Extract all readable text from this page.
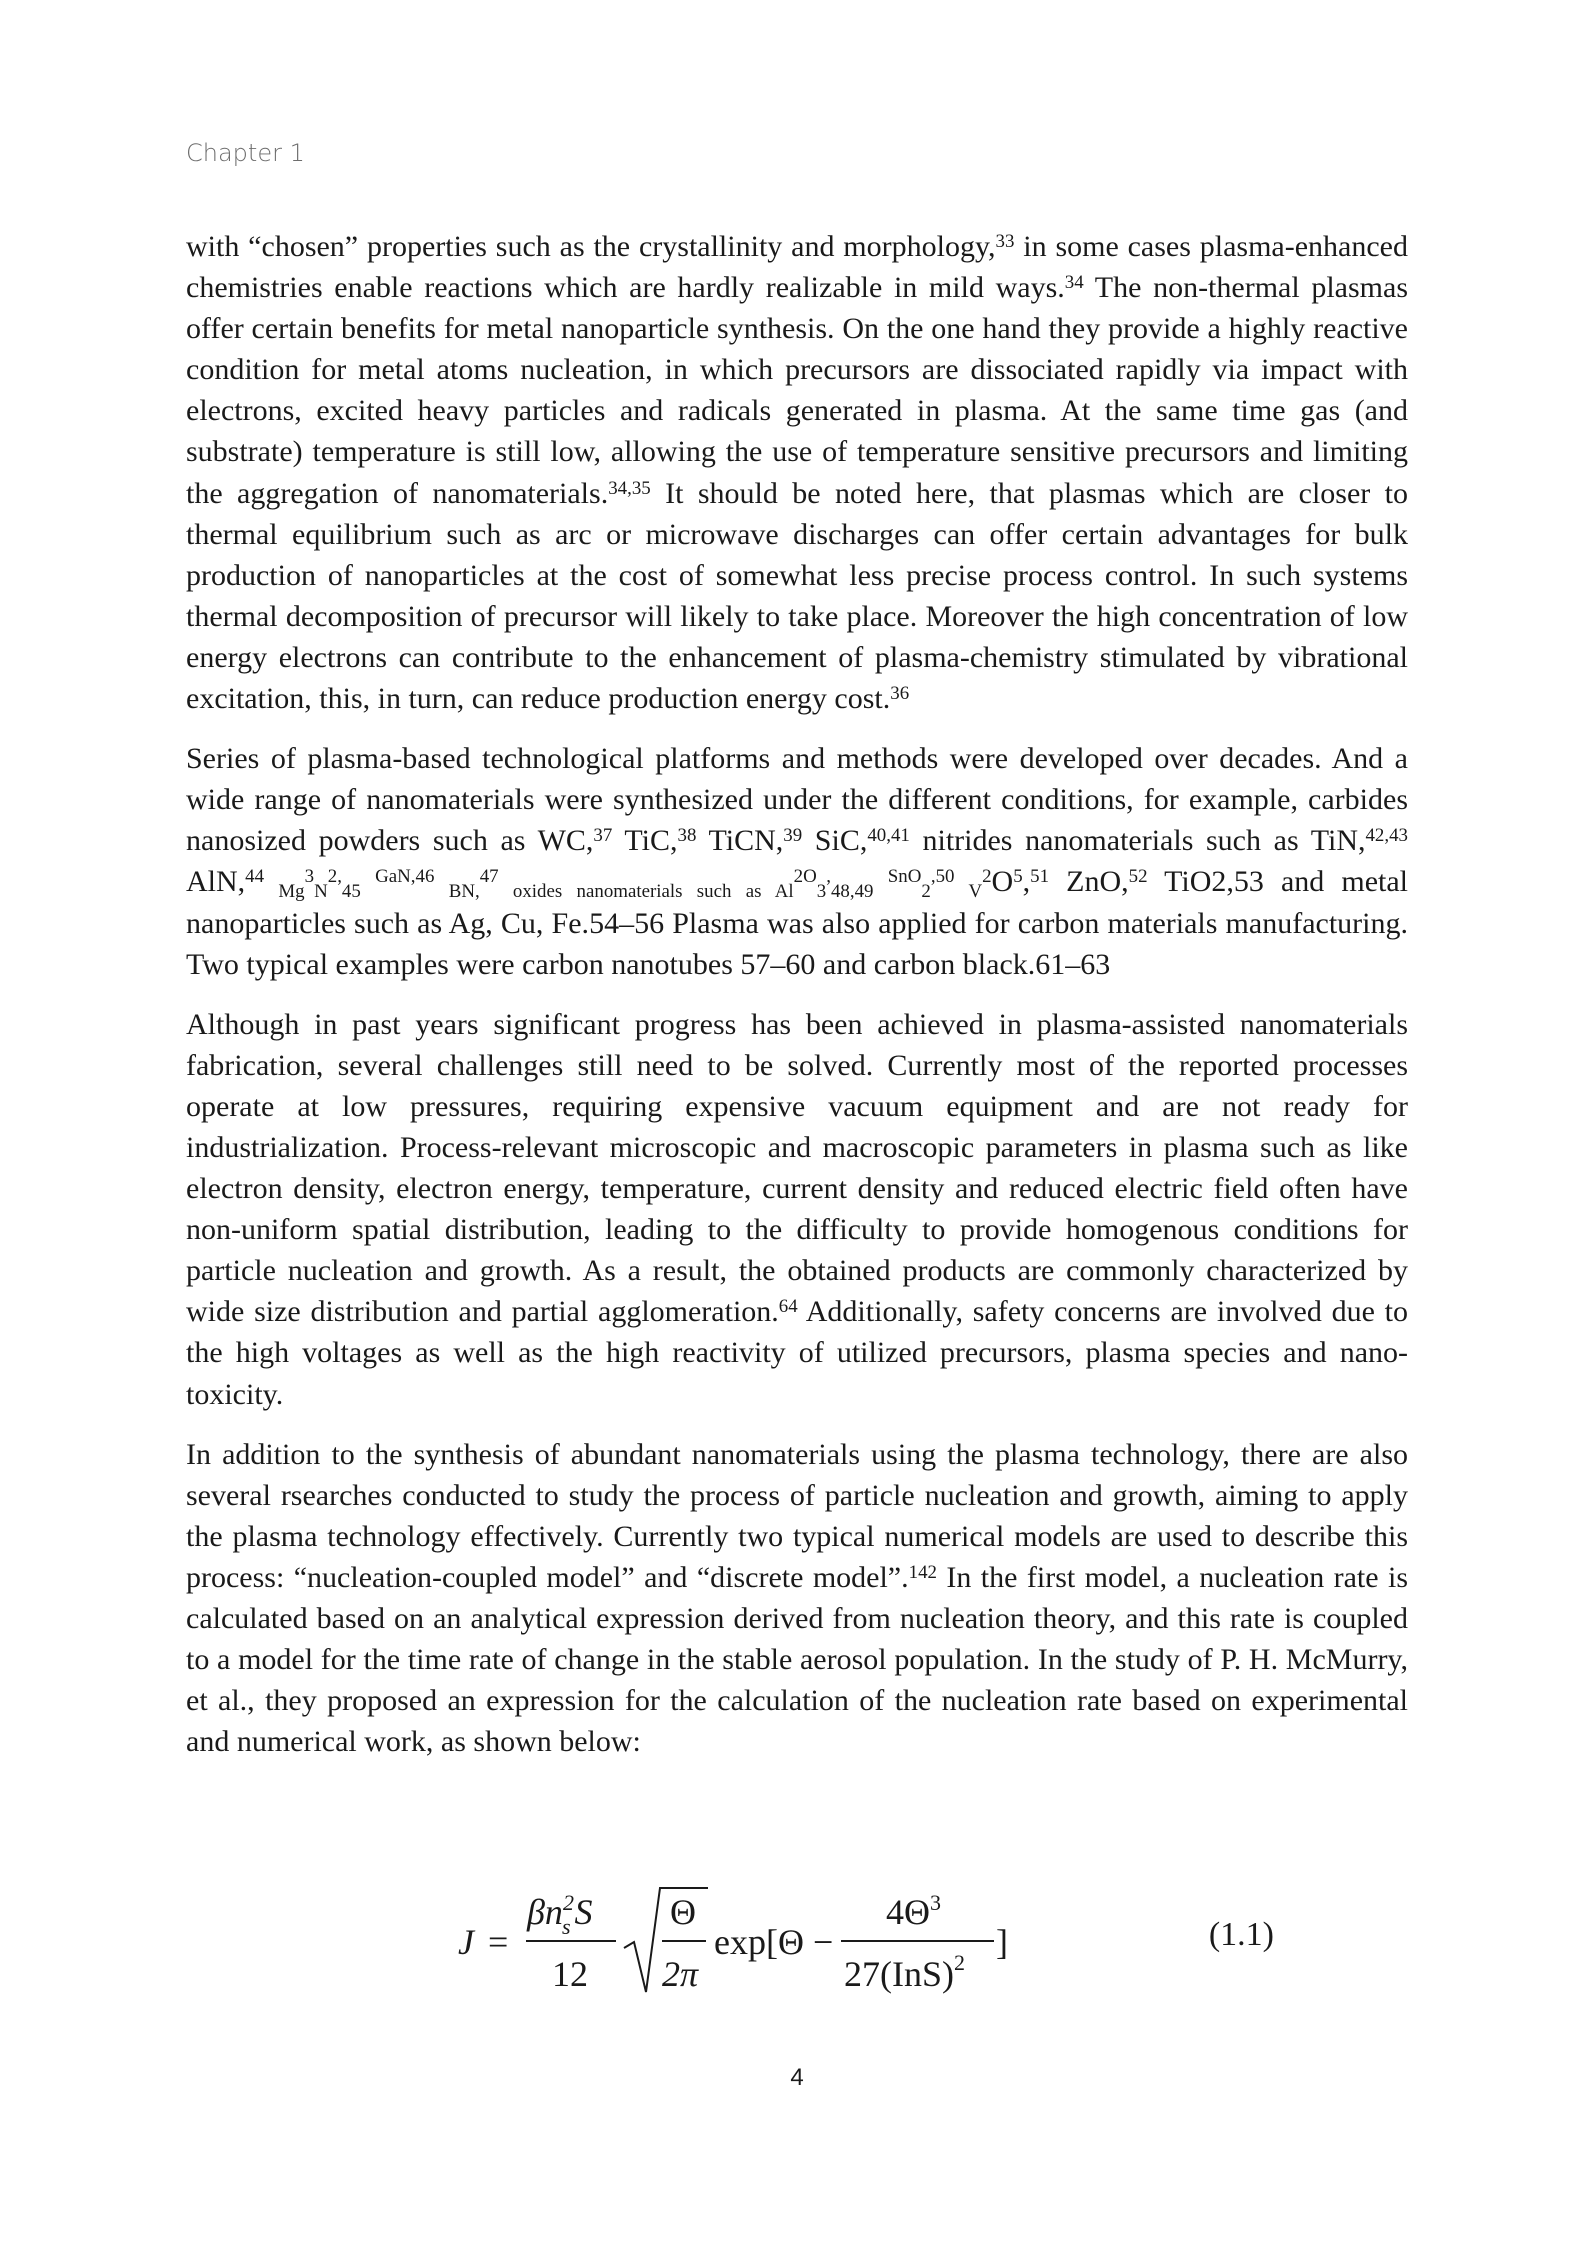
Chapter 1

with “chosen” properties such as the crystallinity and morphology,$^{33}$ in some cases plasma-enhanced chemistries enable reactions which are hardly realizable in mild ways.$^{34}$ The non-thermal plasmas offer certain benefits for metal nanoparticle synthesis. On the one hand they provide a highly reactive condition for metal atoms nucleation, in which precursors are dissociated rapidly via impact with electrons, excited heavy particles and radicals generated in plasma. At the same time gas (and substrate) temperature is still low, allowing the use of temperature sensitive precursors and limiting the aggregation of nanomaterials.$^{34,35}$ It should be noted here, that plasmas which are closer to thermal equilibrium such as arc or microwave discharges can offer certain advantages for bulk production of nanoparticles at the cost of somewhat less precise process control. In such systems thermal decomposition of precursor will likely to take place. Moreover the high concentration of low energy electrons can contribute to the enhancement of plasma-chemistry stimulated by vibrational excitation, this, in turn, can reduce production energy cost.$^{36}$

Series of plasma-based technological platforms and methods were developed over decades. And a wide range of nanomaterials were synthesized under the different conditions, for example, carbides nanosized powders such as WC,$^{37}$ TiC,$^{38}$ TiCN,$^{39}$ SiC,$^{40,41}$ nitrides nanomaterials such as TiN,$^{42,43}$ AlN,$^{44}$ $_{Mg}^3_N^{2,}_{45}$ $^{GaN,46}$ $_{BN,}^{47}$ $_{oxides nanomaterials such as Al}^{2O}_3$,$_{48,49}$ $^{SnO}_2^{,50}$ $_V^2O^5,^{51}$ ZnO,$^{52}$ TiO2,53 and metal nanoparticles such as Ag, Cu, Fe.54–56 Plasma was also applied for carbon materials manufacturing. Two typical examples were carbon nanotubes 57–60 and carbon black.61–63

Although in past years significant progress has been achieved in plasma-assisted nanomaterials fabrication, several challenges still need to be solved. Currently most of the reported processes operate at low pressures, requiring expensive vacuum equipment and are not ready for industrialization. Process-relevant microscopic and macroscopic parameters in plasma such as like electron density, electron energy, temperature, current density and reduced electric field often have non-uniform spatial distribution, leading to the difficulty to provide homogenous conditions for particle nucleation and growth. As a result, the obtained products are commonly characterized by wide size distribution and partial agglomeration.$^{64}$ Additionally, safety concerns are involved due to the high voltages as well as the high reactivity of utilized precursors, plasma species and nano-toxicity.

In addition to the synthesis of abundant nanomaterials using the plasma technology, there are also several rsearches conducted to study the process of particle nucleation and growth, aiming to apply the plasma technology effectively. Currently two typical numerical models are used to describe this process: “nucleation-coupled model” and “discrete model”.$^{142}$ In the first model, a nucleation rate is calculated based on an analytical expression derived from nucleation theory, and this rate is coupled to a model for the time rate of change in the stable aerosol population. In the study of P. H. McMurry, et al., they proposed an expression for the calculation of the nucleation rate based on experimental and numerical work, as shown below:

J =
$\beta n^2$ s S
12
Θ
2π
exp[Θ −
$4\Theta^3$
27(InS)$^2$
]	(1.1)
4
